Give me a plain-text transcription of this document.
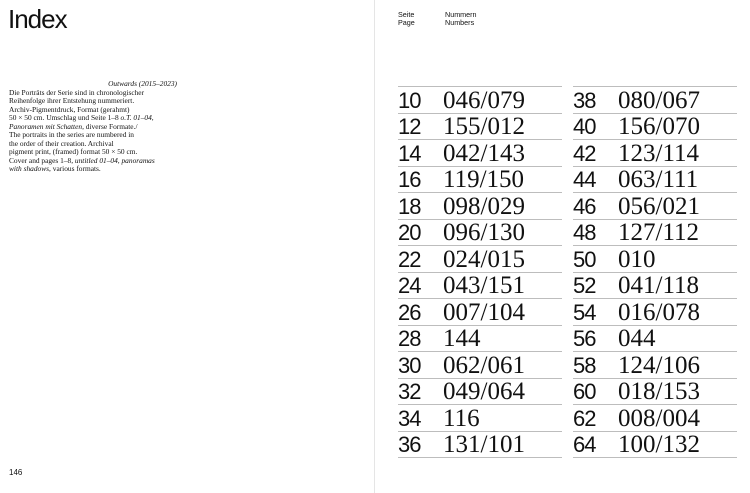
Index
Outwards (2015–2023)
Die Porträts der Serie sind in chronologischer
Reihenfolge ihrer Entstehung nummeriert.
Archiv-Pigmentdruck, Format (gerahmt)
50 × 50 cm. Umschlag und Seite 1–8 o.T. 01–04,
Panoramen mit Schatten, diverse Formate./
The portraits in the series are numbered in
the order of their creation. Archival
pigment print, (framed) format 50 × 50 cm.
Cover and pages 1–8, untitled 01–04, panoramas
with shadows, various formats.
146
Seite
Page
Nummern
Numbers
10 046/079
12 155/012
14 042/143
16 119/150
18 098/029
20 096/130
22 024/015
24 043/151
26 007/104
28 144
30 062/061
32 049/064
34 116
36 131/101
38 080/067
40 156/070
42 123/114
44 063/111
46 056/021
48 127/112
50 010
52 041/118
54 016/078
56 044
58 124/106
60 018/153
62 008/004
64 100/132
